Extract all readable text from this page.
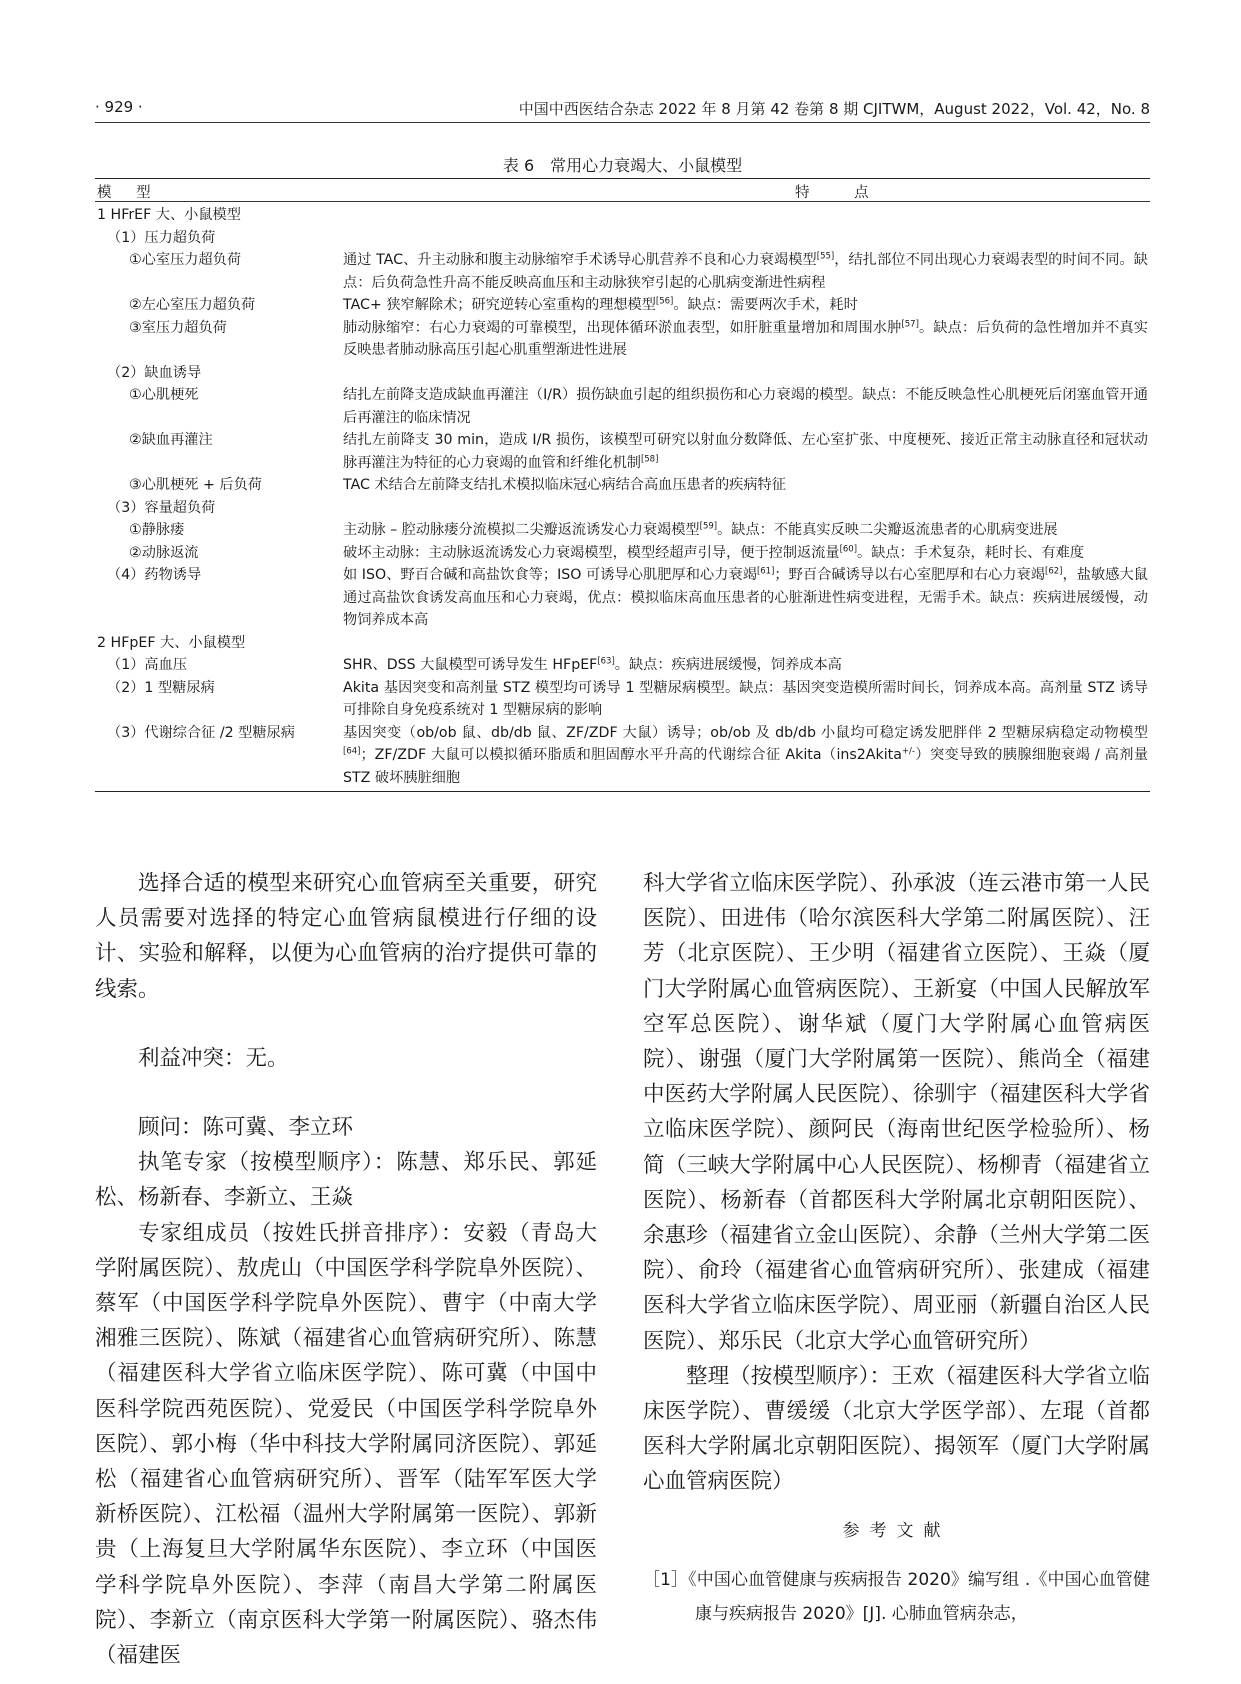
· 929 ·	中国中西医结合杂志 2022 年 8 月第 42 卷第 8 期 CJITWM，August 2022，Vol. 42，No. 8
表 6　常用心力衰竭大、小鼠模型
模 型	特 点
1 HFrEF 大、小鼠模型
（1）压力超负荷
①心室压力超负荷	通过 TAC、升主动脉和腹主动脉缩窄手术诱导心肌营养不良和心力衰竭模型[55]，结扎部位不同出现心力衰竭表型的时间不同。缺点：后负荷急性升高不能反映高血压和主动脉狭窄引起的心肌病变渐进性病程
②左心室压力超负荷	TAC+ 狭窄解除术；研究逆转心室重构的理想模型[56]。缺点：需要两次手术，耗时
③室压力超负荷	肺动脉缩窄：右心力衰竭的可靠模型，出现体循环淤血表型，如肝脏重量增加和周围水肿[57]。缺点：后负荷的急性增加并不真实反映患者肺动脉高压引起心肌重塑渐进性进展
（2）缺血诱导
①心肌梗死	结扎左前降支造成缺血再灌注（I/R）损伤缺血引起的组织损伤和心力衰竭的模型。缺点：不能反映急性心肌梗死后闭塞血管开通后再灌注的临床情况
②缺血再灌注	结扎左前降支 30 min，造成 I/R 损伤，该模型可研究以射血分数降低、左心室扩张、中度梗死、接近正常主动脉直径和冠状动脉再灌注为特征的心力衰竭的血管和纤维化机制[58]
③心肌梗死 + 后负荷	TAC 术结合左前降支结扎术模拟临床冠心病结合高血压患者的疾病特征
（3）容量超负荷
①静脉瘘	主动脉 – 腔动脉瘘分流模拟二尖瓣返流诱发心力衰竭模型[59]。缺点：不能真实反映二尖瓣返流患者的心肌病变进展
②动脉返流	破坏主动脉：主动脉返流诱发心力衰竭模型，模型经超声引导，便于控制返流量[60]。缺点：手术复杂，耗时长、有难度
（4）药物诱导	如 ISO、野百合碱和高盐饮食等；ISO 可诱导心肌肥厚和心力衰竭[61]；野百合碱诱导以右心室肥厚和右心力衰竭[62]，盐敏感大鼠通过高盐饮食诱发高血压和心力衰竭，优点：模拟临床高血压患者的心脏渐进性病变进程，无需手术。缺点：疾病进展缓慢，动物饲养成本高
2 HFpEF 大、小鼠模型
（1）高血压	SHR、DSS 大鼠模型可诱导发生 HFpEF[63]。缺点：疾病进展缓慢，饲养成本高
（2）1 型糖尿病	Akita 基因突变和高剂量 STZ 模型均可诱导 1 型糖尿病模型。缺点：基因突变造模所需时间长，饲养成本高。高剂量 STZ 诱导可排除自身免疫系统对 1 型糖尿病的影响
（3）代谢综合征 /2 型糖尿病	基因突变（ob/ob 鼠、db/db 鼠、ZF/ZDF 大鼠）诱导；ob/ob 及 db/db 小鼠均可稳定诱发肥胖伴 2 型糖尿病稳定动物模型[64]；ZF/ZDF 大鼠可以模拟循环脂质和胆固醇水平升高的代谢综合征 Akita（ins2Akita+/-）突变导致的胰腺细胞衰竭 / 高剂量 STZ 破坏胰脏细胞

选择合适的模型来研究心血管病至关重要，研究人员需要对选择的特定心血管病鼠模进行仔细的设计、实验和解释，以便为心血管病的治疗提供可靠的线索。

利益冲突：无。

顾问：陈可冀、李立环

执笔专家（按模型顺序）：陈慧、郑乐民、郭延松、杨新春、李新立、王焱

专家组成员（按姓氏拼音排序）：安毅（青岛大学附属医院）、敖虎山（中国医学科学院阜外医院）、蔡军（中国医学科学院阜外医院）、曹宇（中南大学湘雅三医院）、陈斌（福建省心血管病研究所）、陈慧（福建医科大学省立临床医学院）、陈可冀（中国中医科学院西苑医院）、党爱民（中国医学科学院阜外医院）、郭小梅（华中科技大学附属同济医院）、郭延松（福建省心血管病研究所）、晋军（陆军军医大学新桥医院）、江松福（温州大学附属第一医院）、郭新贵（上海复旦大学附属华东医院）、李立环（中国医学科学院阜外医院）、李萍（南昌大学第二附属医院）、李新立（南京医科大学第一附属医院）、骆杰伟（福建医

科大学省立临床医学院）、孙承波（连云港市第一人民医院）、田进伟（哈尔滨医科大学第二附属医院）、汪芳（北京医院）、王少明（福建省立医院）、王焱（厦门大学附属心血管病医院）、王新宴（中国人民解放军空军总医院）、谢华斌（厦门大学附属心血管病医院）、谢强（厦门大学附属第一医院）、熊尚全（福建中医药大学附属人民医院）、徐驯宇（福建医科大学省立临床医学院）、颜阿民（海南世纪医学检验所）、杨简（三峡大学附属中心人民医院）、杨柳青（福建省立医院）、杨新春（首都医科大学附属北京朝阳医院）、余惠珍（福建省立金山医院）、余静（兰州大学第二医院）、俞玲（福建省心血管病研究所）、张建成（福建医科大学省立临床医学院）、周亚丽（新疆自治区人民医院）、郑乐民（北京大学心血管研究所）

整理（按模型顺序）：王欢（福建医科大学省立临床医学院）、曹缓缓（北京大学医学部）、左琨（首都医科大学附属北京朝阳医院）、揭领军（厦门大学附属心血管病医院）

参考文献
［1］《中国心血管健康与疾病报告 2020》编写组 .《中国心血管健康与疾病报告 2020》[J]. 心肺血管病杂志，
